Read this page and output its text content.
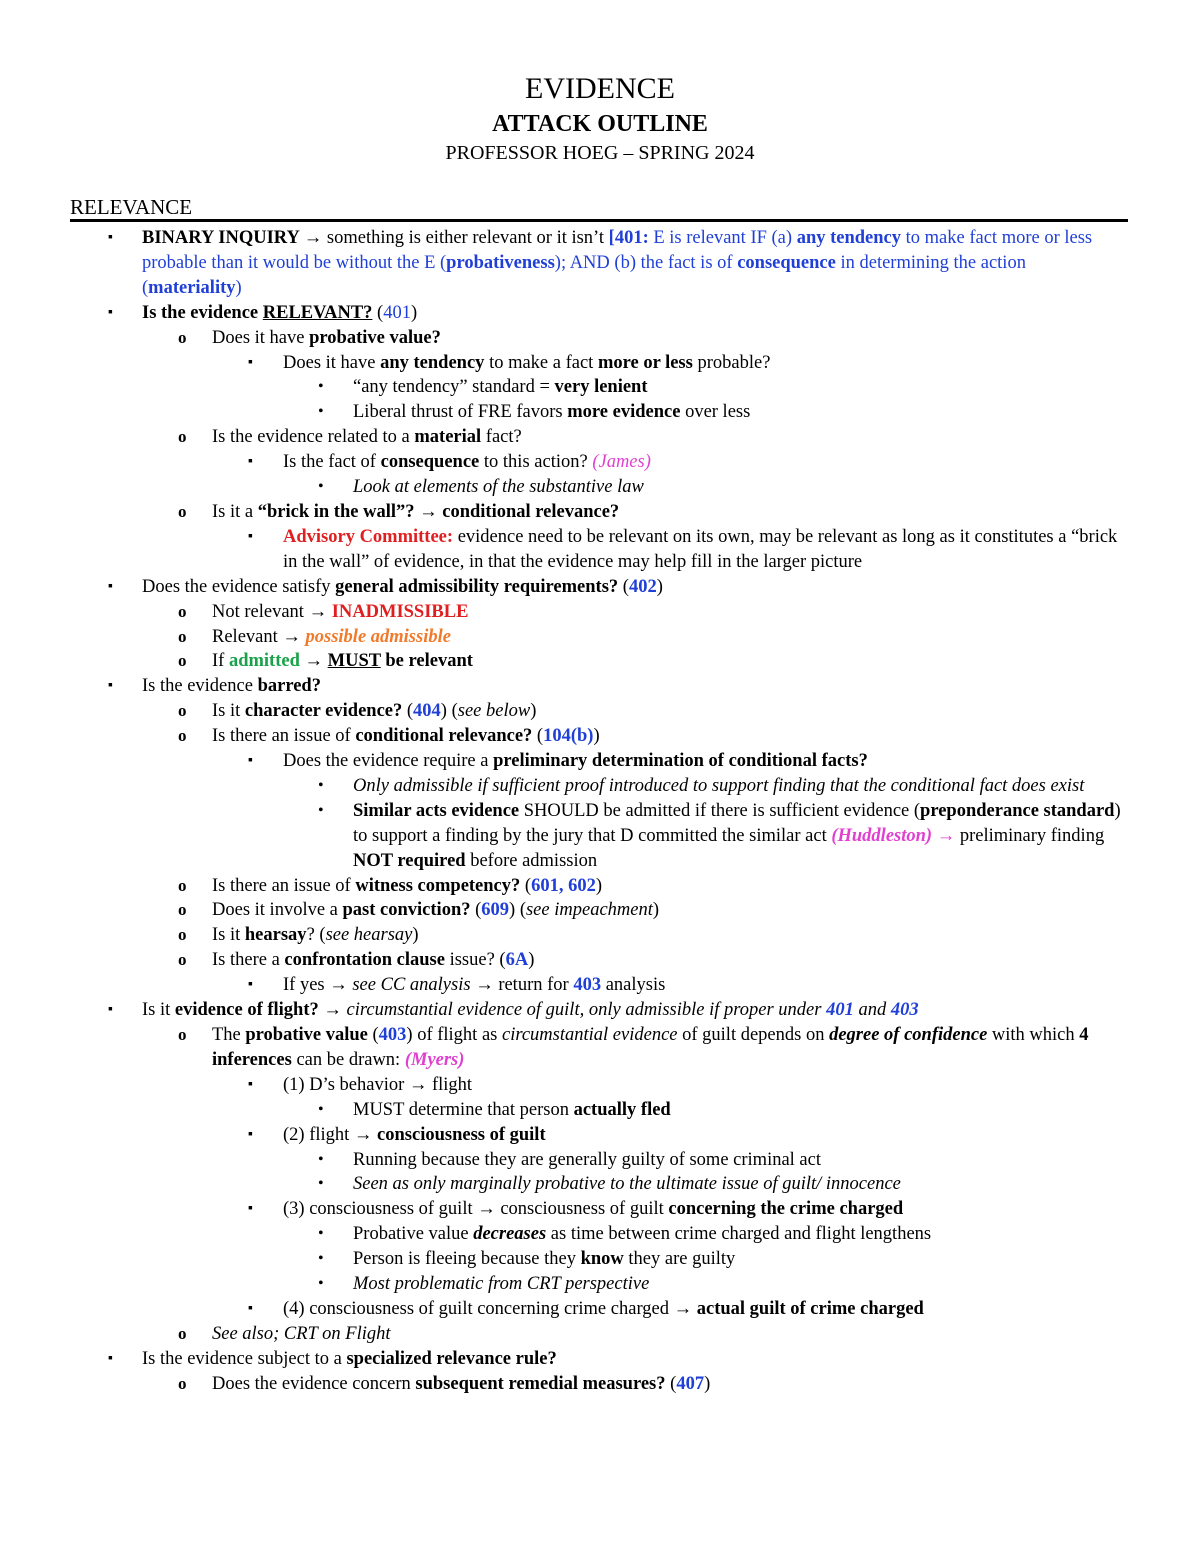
EVIDENCE
ATTACK OUTLINE
PROFESSOR HOEG – SPRING 2024
RELEVANCE
▪ BINARY INQUIRY → something is either relevant or it isn’t [401: E is relevant IF (a) any tendency to make fact more or less probable than it would be without the E (probativeness); AND (b) the fact is of consequence in determining the action (materiality)
▪ Is the evidence RELEVANT? (401)
o Does it have probative value?
▪ Does it have any tendency to make a fact more or less probable?
• “any tendency” standard = very lenient
• Liberal thrust of FRE favors more evidence over less
o Is the evidence related to a material fact?
▪ Is the fact of consequence to this action? (James)
• Look at elements of the substantive law
o Is it a “brick in the wall”? → conditional relevance?
▪ Advisory Committee: evidence need to be relevant on its own, may be relevant as long as it constitutes a “brick in the wall” of evidence, in that the evidence may help fill in the larger picture
▪ Does the evidence satisfy general admissibility requirements? (402)
o Not relevant → INADMISSIBLE
o Relevant → possible admissible
o If admitted → MUST be relevant
▪ Is the evidence barred?
o Is it character evidence? (404) (see below)
o Is there an issue of conditional relevance? (104(b))
▪ Does the evidence require a preliminary determination of conditional facts?
• Only admissible if sufficient proof introduced to support finding that the conditional fact does exist
• Similar acts evidence SHOULD be admitted if there is sufficient evidence (preponderance standard) to support a finding by the jury that D committed the similar act (Huddleston) → preliminary finding NOT required before admission
o Is there an issue of witness competency? (601, 602)
o Does it involve a past conviction? (609) (see impeachment)
o Is it hearsay? (see hearsay)
o Is there a confrontation clause issue? (6A)
▪ If yes → see CC analysis → return for 403 analysis
▪ Is it evidence of flight? → circumstantial evidence of guilt, only admissible if proper under 401 and 403
o The probative value (403) of flight as circumstantial evidence of guilt depends on degree of confidence with which 4 inferences can be drawn: (Myers)
▪ (1) D’s behavior → flight
• MUST determine that person actually fled
▪ (2) flight → consciousness of guilt
• Running because they are generally guilty of some criminal act
• Seen as only marginally probative to the ultimate issue of guilt/ innocence
▪ (3) consciousness of guilt → consciousness of guilt concerning the crime charged
• Probative value decreases as time between crime charged and flight lengthens
• Person is fleeing because they know they are guilty
• Most problematic from CRT perspective
▪ (4) consciousness of guilt concerning crime charged → actual guilt of crime charged
o See also; CRT on Flight
▪ Is the evidence subject to a specialized relevance rule?
o Does the evidence concern subsequent remedial measures? (407)
